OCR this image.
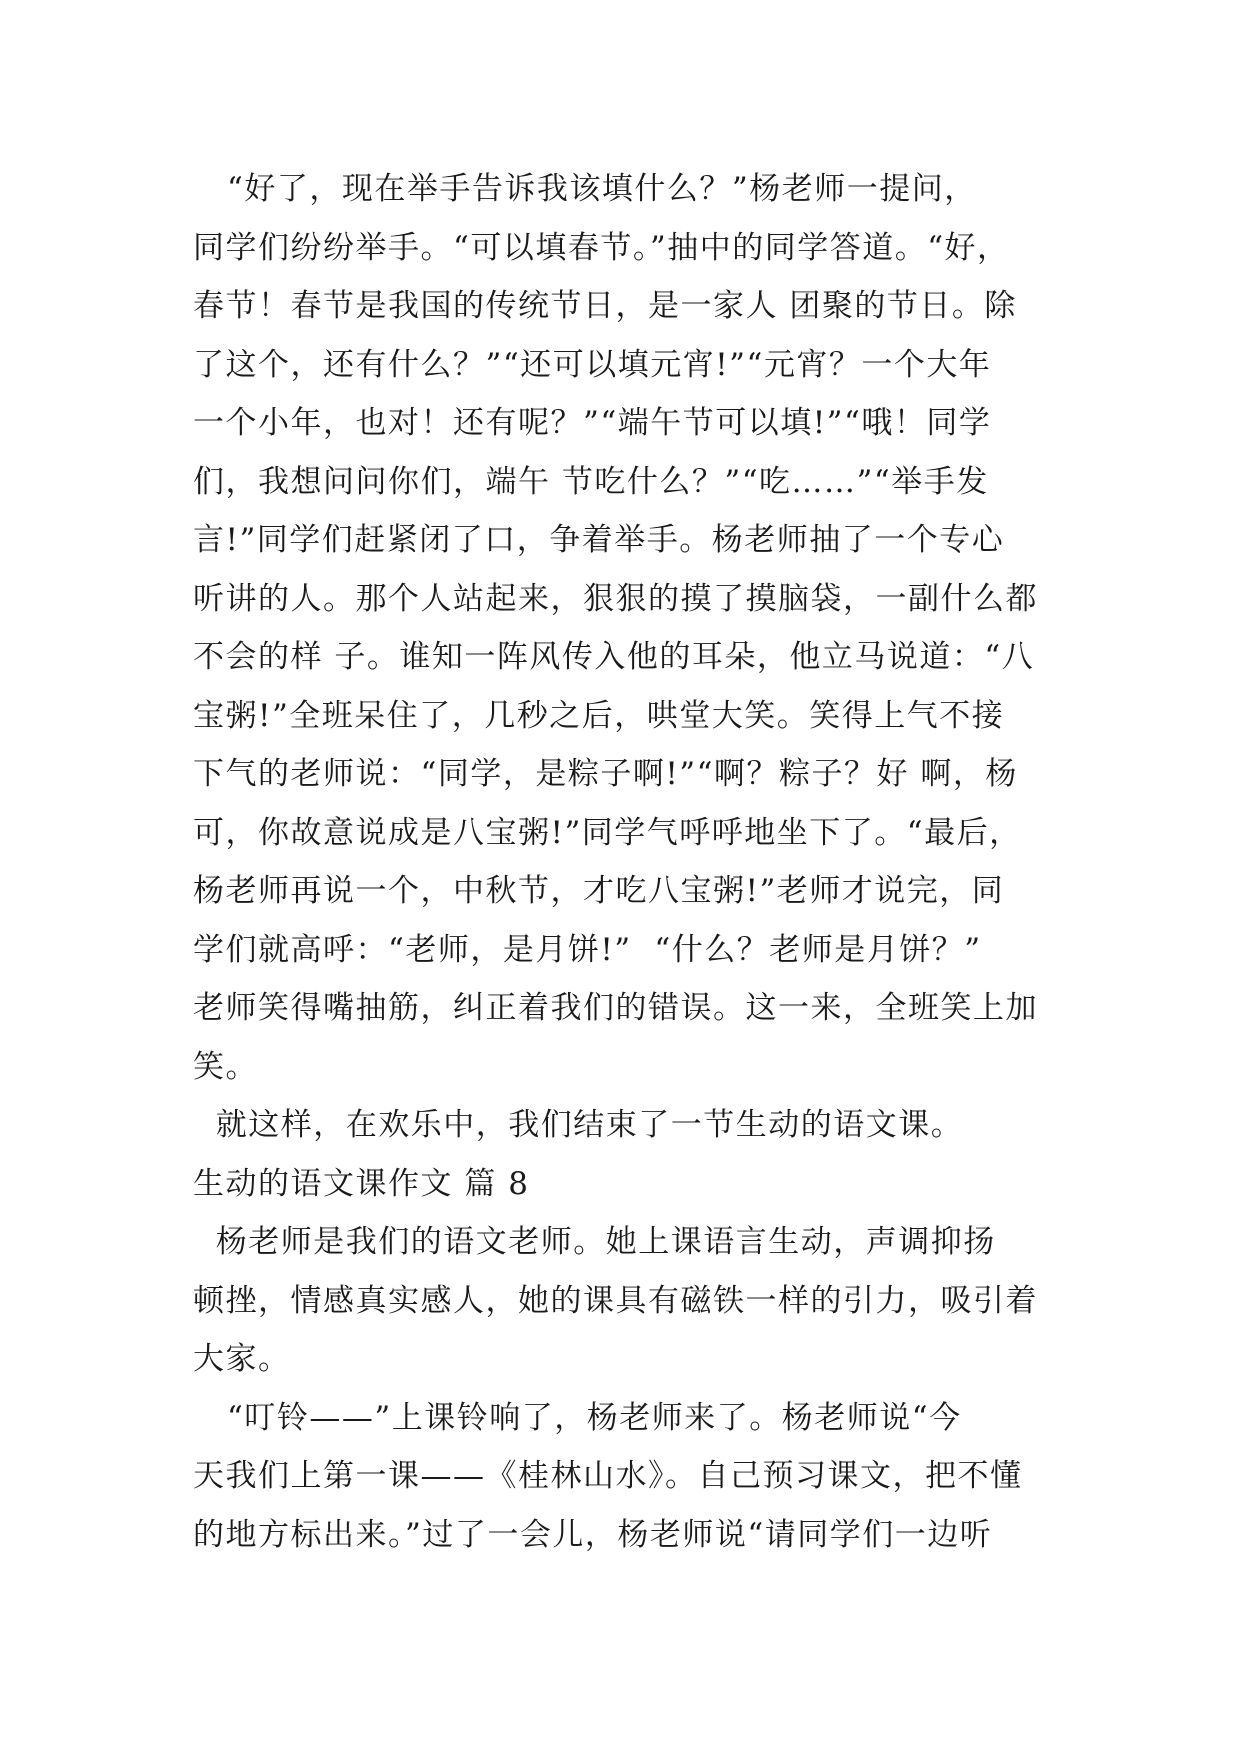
“好了，现在举手告诉我该填什么？”杨老师一提问，
同学们纷纷举手。“可以填春节。”抽中的同学答道。“好，
春节！春节是我国的传统节日，是一家人 团聚的节日。除
了这个，还有什么？”“还可以填元宵!”“元宵？一个大年
一个小年，也对！还有呢？”“端午节可以填!”“哦！同学
们，我想问问你们，端午 节吃什么？”“吃……”“举手发
言!”同学们赶紧闭了口，争着举手。杨老师抽了一个专心
听讲的人。那个人站起来，狠狠的摸了摸脑袋，一副什么都
不会的样 子。谁知一阵风传入他的耳朵，他立马说道：“八
宝粥!”全班呆住了，几秒之后，哄堂大笑。笑得上气不接
下气的老师说：“同学，是粽子啊!”“啊？粽子？好 啊，杨
可，你故意说成是八宝粥!”同学气呼呼地坐下了。“最后，
杨老师再说一个，中秋节，才吃八宝粥!”老师才说完，同
学们就高呼：“老师，是月饼!”  “什么？老师是月饼？”
老师笑得嘴抽筋，纠正着我们的错误。这一来，全班笑上加
笑。
就这样，在欢乐中，我们结束了一节生动的语文课。
生动的语文课作文 篇 8
杨老师是我们的语文老师。她上课语言生动，声调抑扬
顿挫，情感真实感人，她的课具有磁铁一样的引力，吸引着
大家。
“叮铃——”上课铃响了，杨老师来了。杨老师说“今
天我们上第一课——《桂林山水》。自己预习课文，把不懂
的地方标出来。”过了一会儿，杨老师说“请同学们一边听
